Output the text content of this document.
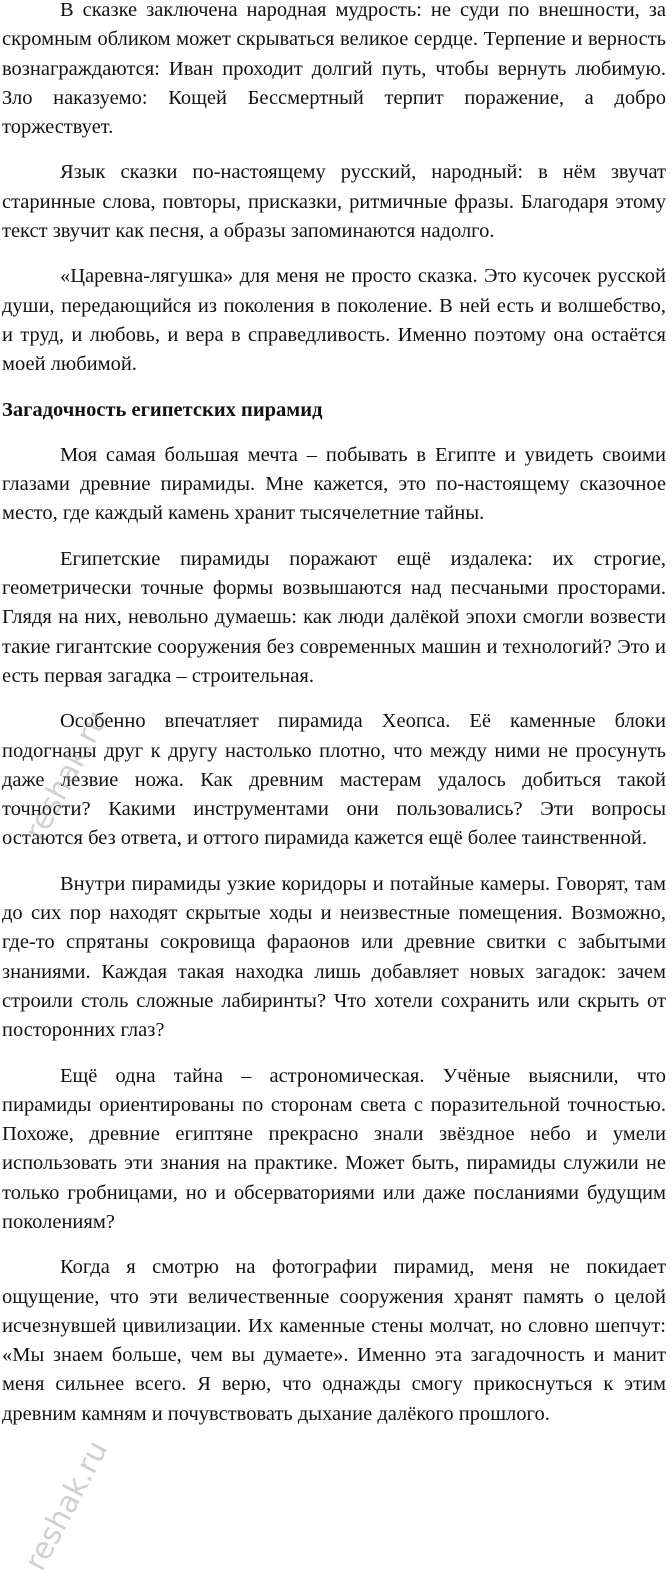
В сказке заключена народная мудрость: не суди по внешности, за скромным обликом может скрываться великое сердце. Терпение и верность вознаграждаются: Иван проходит долгий путь, чтобы вернуть любимую. Зло наказуемо: Кощей Бессмертный терпит поражение, а добро торжествует.

Язык сказки по-настоящему русский, народный: в нём звучат старинные слова, повторы, присказки, ритмичные фразы. Благодаря этому текст звучит как песня, а образы запоминаются надолго.

«Царевна-лягушка» для меня не просто сказка. Это кусочек русской души, передающийся из поколения в поколение. В ней есть и волшебство, и труд, и любовь, и вера в справедливость. Именно поэтому она остаётся моей любимой.

Загадочность египетских пирамид

Моя самая большая мечта – побывать в Египте и увидеть своими глазами древние пирамиды. Мне кажется, это по-настоящему сказочное место, где каждый камень хранит тысячелетние тайны.

Египетские пирамиды поражают ещё издалека: их строгие, геометрически точные формы возвышаются над песчаными просторами. Глядя на них, невольно думаешь: как люди далёкой эпохи смогли возвести такие гигантские сооружения без современных машин и технологий? Это и есть первая загадка – строительная.

Особенно впечатляет пирамида Хеопса. Её каменные блоки подогнаны друг к другу настолько плотно, что между ними не просунуть даже лезвие ножа. Как древним мастерам удалось добиться такой точности? Какими инструментами они пользовались? Эти вопросы остаются без ответа, и оттого пирамида кажется ещё более таинственной.

Внутри пирамиды узкие коридоры и потайные камеры. Говорят, там до сих пор находят скрытые ходы и неизвестные помещения. Возможно, где-то спрятаны сокровища фараонов или древние свитки с забытыми знаниями. Каждая такая находка лишь добавляет новых загадок: зачем строили столь сложные лабиринты? Что хотели сохранить или скрыть от посторонних глаз?

Ещё одна тайна – астрономическая. Учёные выяснили, что пирамиды ориентированы по сторонам света с поразительной точностью. Похоже, древние египтяне прекрасно знали звёздное небо и умели использовать эти знания на практике. Может быть, пирамиды служили не только гробницами, но и обсерваториями или даже посланиями будущим поколениям?

Когда я смотрю на фотографии пирамид, меня не покидает ощущение, что эти величественные сооружения хранят память о целой исчезнувшей цивилизации. Их каменные стены молчат, но словно шепчут: «Мы знаем больше, чем вы думаете». Именно эта загадочность и манит меня сильнее всего. Я верю, что однажды смогу прикоснуться к этим древним камням и почувствовать дыхание далёкого прошлого.

reshak.ru
reshak.ru
